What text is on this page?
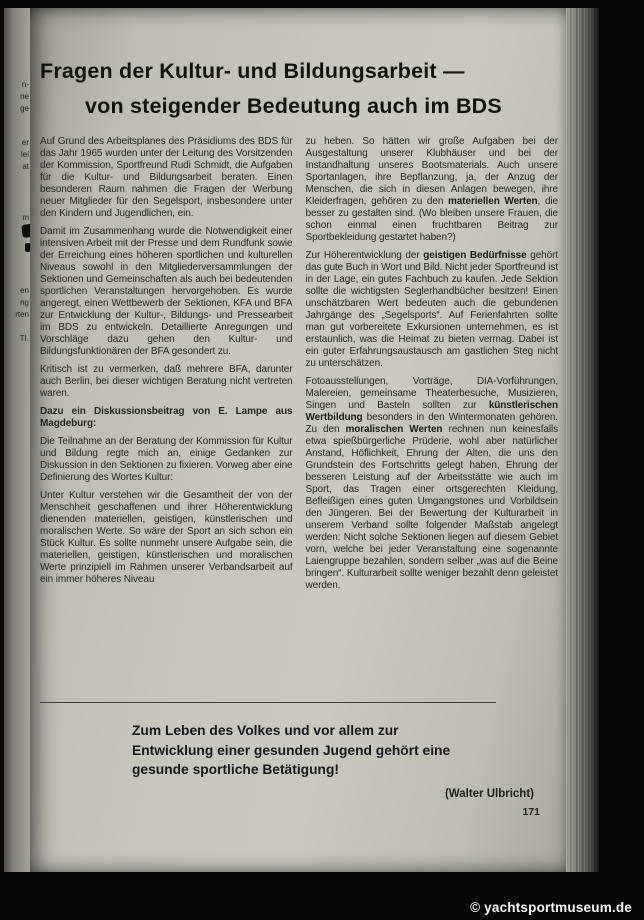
n-
ne
ge
er
lei
at
m
en
ng
rten
TI.
Fragen der Kultur- und Bildungsarbeit —
von steigender Bedeutung auch im BDS

Auf Grund des Arbeitsplanes des Präsidiums des BDS für das Jahr 1965 wurden unter der Leitung des Vorsitzenden der Kommission, Sportfreund Rudi Schmidt, die Aufgaben für die Kultur- und Bildungsarbeit beraten. Einen besonderen Raum nahmen die Fragen der Werbung neuer Mitglieder für den Segelsport, insbesondere unter den Kindern und Jugendlichen, ein.

Damit im Zusammenhang wurde die Notwendigkeit einer intensiven Arbeit mit der Presse und dem Rundfunk sowie der Erreichung eines höheren sportlichen und kulturellen Niveaus sowohl in den Mitgliederversammlungen der Sektionen und Gemeinschaften als auch bei bedeutenden sportlichen Veranstaltungen hervorgehoben. Es wurde angeregt, einen Wettbewerb der Sektionen, KFA und BFA zur Entwicklung der Kultur-, Bildungs- und Pressearbeit im BDS zu entwickeln. Detaillierte Anregungen und Vorschläge dazu gehen den Kultur- und Bildungsfunktionären der BFA gesondert zu.

Kritisch ist zu vermerken, daß mehrere BFA, darunter auch Berlin, bei dieser wichtigen Beratung nicht vertreten waren.

Dazu ein Diskussionsbeitrag von E. Lampe aus Magdeburg:

Die Teilnahme an der Beratung der Kommission für Kultur und Bildung regte mich an, einige Gedanken zur Diskussion in den Sektionen zu fixieren. Vorweg aber eine Definierung des Wortes Kultur:

Unter Kultur verstehen wir die Gesamtheit der von der Menschheit geschaffenen und ihrer Höherentwicklung dienenden materiellen, geistigen, künstlerischen und moralischen Werte. So wäre der Sport an sich schon ein Stück Kultur. Es sollte nunmehr unsere Aufgabe sein, die materiellen, geistigen, künstlerischen und moralischen Werte prinzipiell im Rahmen unserer Verbandsarbeit auf ein immer höheres Niveau

zu heben. So hätten wir große Aufgaben bei der Ausgestaltung unserer Klubhäuser und bei der Instandhaltung unseres Bootsmaterials. Auch unsere Sportanlagen, ihre Bepflanzung, ja, der Anzug der Menschen, die sich in diesen Anlagen bewegen, ihre Kleiderfragen, gehören zu den materiellen Werten, die besser zu gestalten sind. (Wo bleiben unsere Frauen, die schon einmal einen fruchtbaren Beitrag zur Sportbekleidung gestartet haben?)

Zur Höherentwicklung der geistigen Bedürfnisse gehört das gute Buch in Wort und Bild. Nicht jeder Sportfreund ist in der Lage, ein gutes Fachbuch zu kaufen. Jede Sektion sollte die wichtigsten Seglerhandbücher besitzen! Einen unschätzbaren Wert bedeuten auch die gebundenen Jahrgänge des „Segelsports“. Auf Ferienfahrten sollte man gut vorbereitete Exkursionen unternehmen, es ist erstaunlich, was die Heimat zu bieten vermag. Dabei ist ein guter Erfahrungsaustausch am gastlichen Steg nicht zu unterschätzen.

Fotoausstellungen, Vorträge, DIA-Vorführungen, Malereien, gemeinsame Theaterbesuche, Musizieren, Singen und Basteln sollten zur künstlerischen Wertbildung besonders in den Wintermonaten gehören. Zu den moralischen Werten rechnen nun keinesfalls etwa spießbürgerliche Prüderie, wohl aber natürlicher Anstand, Höflichkeit, Ehrung der Alten, die uns den Grundstein des Fortschritts gelegt haben, Ehrung der besseren Leistung auf der Arbeitsstätte wie auch im Sport, das Tragen einer ortsgerechten Kleidung, Befleißigen eines guten Umgangstones und Vorbildsein den Jüngeren. Bei der Bewertung der Kulturarbeit in unserem Verband sollte folgender Maßstab angelegt werden: Nicht solche Sektionen liegen auf diesem Gebiet vorn, welche bei jeder Veranstaltung eine sogenannte Laiengruppe bezahlen, sondern selber „was auf die Beine bringen“. Kulturarbeit sollte weniger bezahlt denn geleistet werden.

Zum Leben des Volkes und vor allem zur Entwicklung einer gesunden Jugend gehört eine gesunde sportliche Betätigung!

(Walter Ulbricht)

171
© yachtsportmuseum.de
